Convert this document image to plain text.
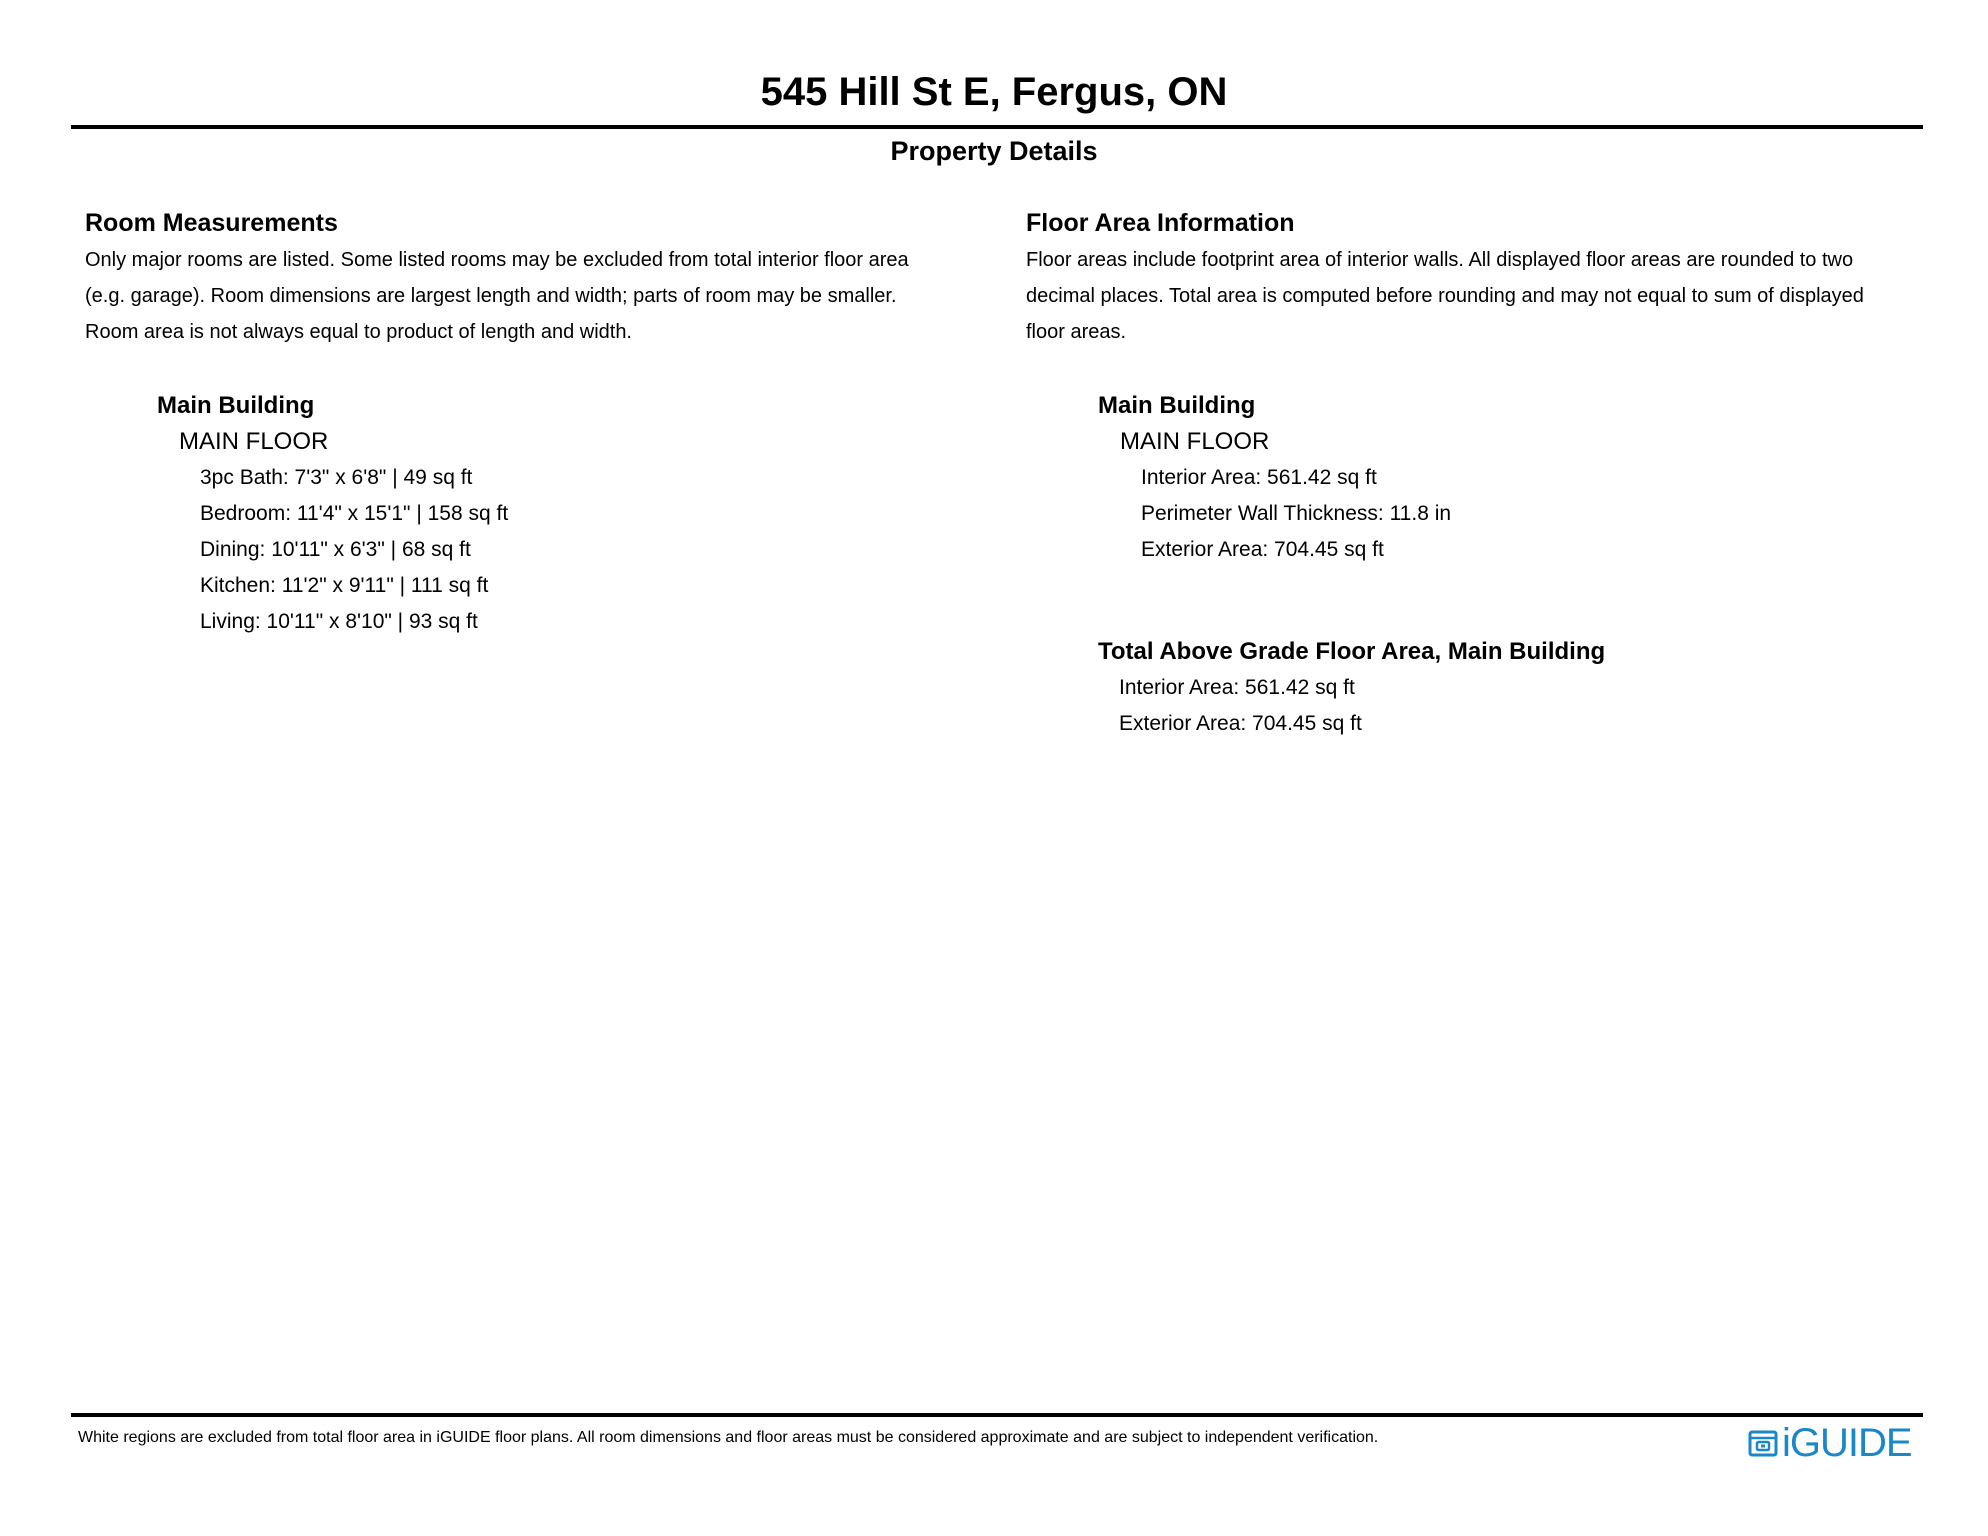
545 Hill St E, Fergus, ON
Property Details
Room Measurements
Only major rooms are listed. Some listed rooms may be excluded from total interior floor area
(e.g. garage). Room dimensions are largest length and width; parts of room may be smaller.
Room area is not always equal to product of length and width.
Main Building
MAIN FLOOR
3pc Bath: 7'3" x 6'8" | 49 sq ft
Bedroom: 11'4" x 15'1" | 158 sq ft
Dining: 10'11" x 6'3" | 68 sq ft
Kitchen: 11'2" x 9'11" | 111 sq ft
Living: 10'11" x 8'10" | 93 sq ft
Floor Area Information
Floor areas include footprint area of interior walls. All displayed floor areas are rounded to two
decimal places. Total area is computed before rounding and may not equal to sum of displayed
floor areas.
Main Building
MAIN FLOOR
Interior Area: 561.42 sq ft
Perimeter Wall Thickness: 11.8 in
Exterior Area: 704.45 sq ft
Total Above Grade Floor Area, Main Building
Interior Area: 561.42 sq ft
Exterior Area: 704.45 sq ft
White regions are excluded from total floor area in iGUIDE floor plans. All room dimensions and floor areas must be considered approximate and are subject to independent verification.	iGUIDE
